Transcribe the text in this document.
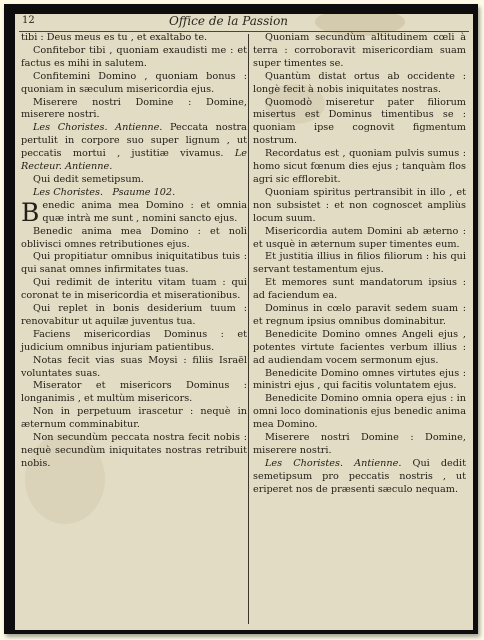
12	Office de la Passion

tibi : Deus meus es tu , et exaltabo te.

Confitebor tibi , quoniam exaudisti me : et factus es mihi in salutem.

Confitemini Domino , quoniam bonus : quoniam in sæculum misericordia ejus.

Miserere nostri Domine : Domine, miserere nostri.

Les Choristes. Antienne. Peccata nostra pertulit in corpore suo super lignum , ut peccatis mortui , justitiæ vivamus. Le Recteur. Antienne.

Qui dedit semetipsum.

Les Choristes. Psaume 102.

Benedic anima mea Domino : et omnia quæ intrà me sunt , nomini sancto ejus.

Benedic anima mea Domino : et noli oblivisci omnes retributiones ejus.

Qui propitiatur omnibus iniquitatibus tuis : qui sanat omnes infirmitates tuas.

Qui redimit de interitu vitam tuam : qui coronat te in misericordia et miserationibus.

Qui replet in bonis desiderium tuum : renovabitur ut aquilæ juventus tua.

Faciens misericordias Dominus : et judicium omnibus injuriam patientibus.

Notas fecit vias suas Moysi : filiis Israël voluntates suas.

Miserator et misericors Dominus : longanimis , et multùm misericors.

Non in perpetuum irascetur : nequè in æternum comminabitur.

Non secundùm peccata nostra fecit nobis : nequè secundùm iniquitates nostras retribuit nobis.

Quoniam secundùm altitudinem cœli à terra : corroboravit misericordiam suam super timentes se.

Quantùm distat ortus ab occidente : longè fecit à nobis iniquitates nostras.

Quomodò miseretur pater filiorum misertus est Dominus timentibus se : quoniam ipse cognovit figmentum nostrum.

Recordatus est , quoniam pulvis sumus : homo sicut fœnum dies ejus ; tanquàm flos agri sic efflorebit.

Quoniam spiritus pertransibit in illo , et non subsistet : et non cognoscet ampliùs locum suum.

Misericordia autem Domini ab æterno : et usquè in æternum super timentes eum.

Et justitia illius in filios filiorum : his qui servant testamentum ejus.

Et memores sunt mandatorum ipsius : ad faciendum ea.

Dominus in cœlo paravit sedem suam : et regnum ipsius omnibus dominabitur.

Benedicite Domino omnes Angeli ejus , potentes virtute facientes verbum illius : ad audiendam vocem sermonum ejus.

Benedicite Domino omnes virtutes ejus : ministri ejus , qui facitis voluntatem ejus.

Benedicite Domino omnia opera ejus : in omni loco dominationis ejus benedic anima mea Domino.

Miserere nostri Domine : Domine, miserere nostri.

Les Choristes. Antienne. Qui dedit semetipsum pro peccatis nostris , ut eriperet nos de præsenti sæculo nequam.
